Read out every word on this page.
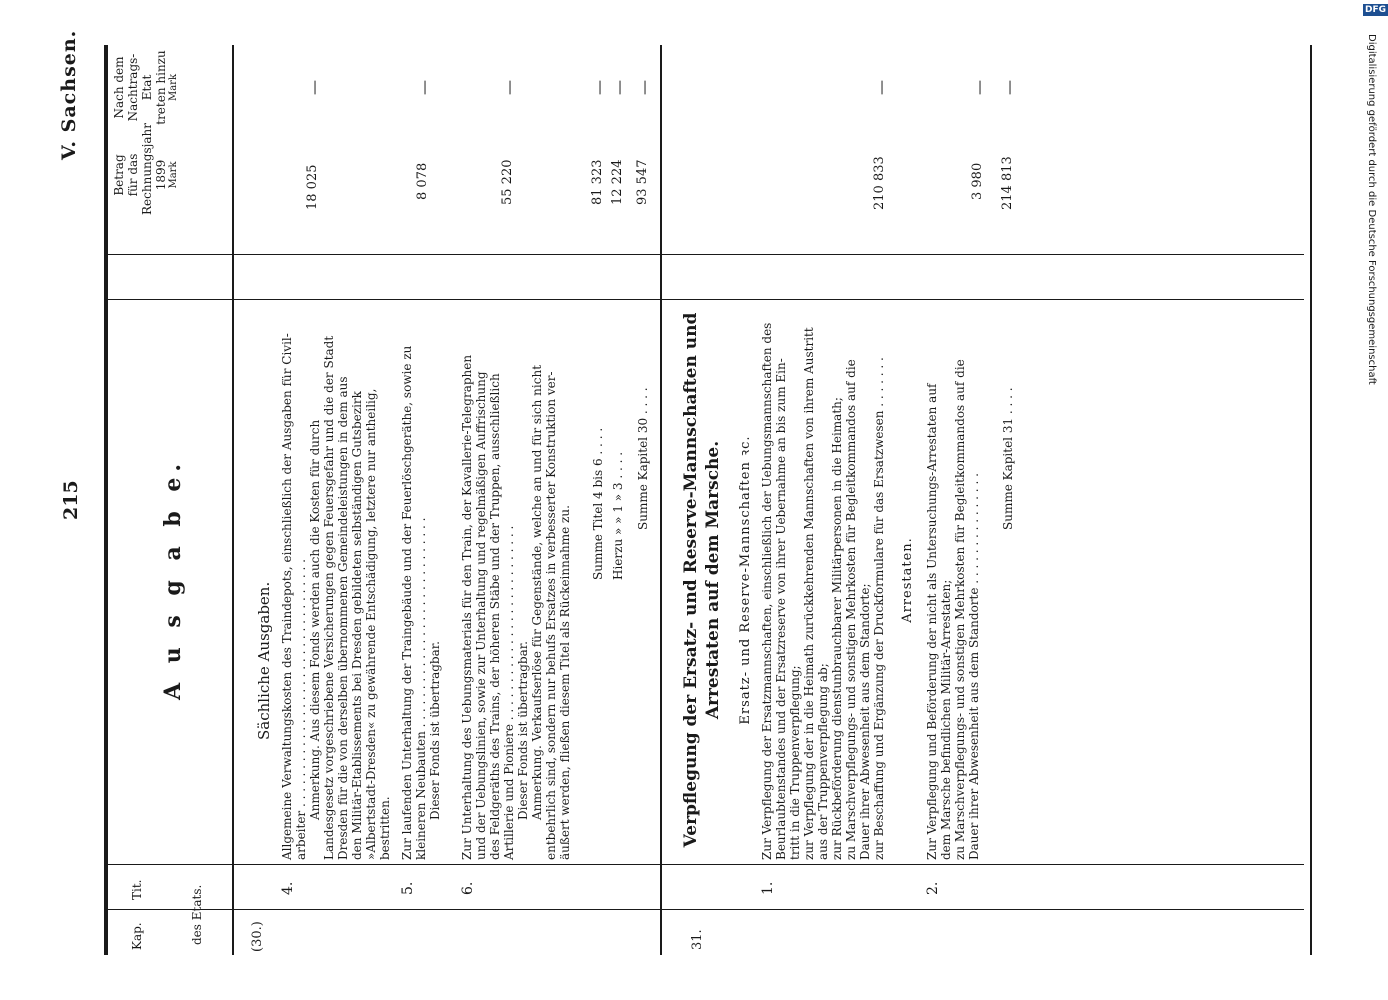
215
V. Sachsen.
Kap.
Tit.	des Etats.
A u s g a b e.
Betrag für das Rechnungsjahr 1899 Mark
Nach dem Nachtrags-Etat treten hinzu Mark
(30.)
Sächliche Ausgaben.
4.
Allgemeine Verwaltungskosten des Traindepots, einschließlich der Ausgaben für Civil- arbeiter . . . . . . . . . . . . . . . . . . . . . . . . . . . . . . . . . Anmerkung. Aus diesem Fonds werden auch die Kosten für durch Landesgesetz vorgeschriebene Versicherungen gegen Feuersgefahr und die der Stadt Dresden für die von derselben übernommenen Gemeindeleistungen in dem aus den Militär-Etablissements bei Dresden gebildeten selbständigen Gutsbezirk »Albertstadt-Dresden« zu gewährende Entschädigung, letztere nur antheilig, bestritten.
18 025
—
5.
Zur laufenden Unterhaltung der Traingebäude und der Feuerlöschgeräthe, sowie zu kleineren Neubauten . . . . . . . . . . . . . . . . . . . . . . . . . . . . Dieser Fonds ist übertragbar.
8 078
—
6.
Zur Unterhaltung des Uebungsmaterials für den Train, der Kavallerie-Telegraphen und der Uebungslinien, sowie zur Unterhaltung und regelmäßigen Auffrischung des Feldgeräths des Trains, der höheren Stäbe und der Truppen, ausschließlich Artillerie und Pioniere . . . . . . . . . . . . . . . . . . . . . . . . . . Dieser Fonds ist übertragbar. Anmerkung. Verkaufserlöse für Gegenstände, welche an und für sich nicht entbehrlich sind, sondern nur behufs Ersatzes in verbesserter Konstruktion ver- äußert werden, fließen diesem Titel als Rückeinnahme zu.
55 220
—
Summe Titel 4 bis 6 . . . .
81 323
—
Hierzu » » 1 » 3 . . . .
12 224
—
Summe Kapitel 30 . . . .
93 547
—
31.
Verpflegung der Ersatz- und Reserve-Mannschaften und Arrestaten auf dem Marsche. Ersatz- und Reserve-Mannschaften ꝛc.
1.
Zur Verpflegung der Ersatzmannschaften, einschließlich der Uebungsmannschaften des Beurlaubtenstandes und der Ersatzreserve von ihrer Uebernahme an bis zum Ein- tritt in die Truppenverpflegung; zur Verpflegung der in die Heimath zurückkehrenden Mannschaften von ihrem Austritt aus der Truppenverpflegung ab; zur Rückbeförderung dienstunbrauchbarer Militärpersonen in die Heimath; zu Marschverpflegungs- und sonstigen Mehrkosten für Begleitkommandos auf die Dauer ihrer Abwesenheit aus dem Standorte; zur Beschaffung und Ergänzung der Druckformulare für das Ersatzwesen . . . . . . .
210 833
—
Arrestaten.
2.
Zur Verpflegung und Beförderung der nicht als Untersuchungs-Arrestaten auf dem Marsche befindlichen Militär-Arrestaten; zu Marschverpflegungs- und sonstigen Mehrkosten für Begleitkommandos auf die Dauer ihrer Abwesenheit aus dem Standorte . . . . . . . . . . . . . . .
3 980
—
Summe Kapitel 31 . . . .
214 813
—
DFG
Digitalisierung gefördert durch die Deutsche Forschungsgemeinschaft
